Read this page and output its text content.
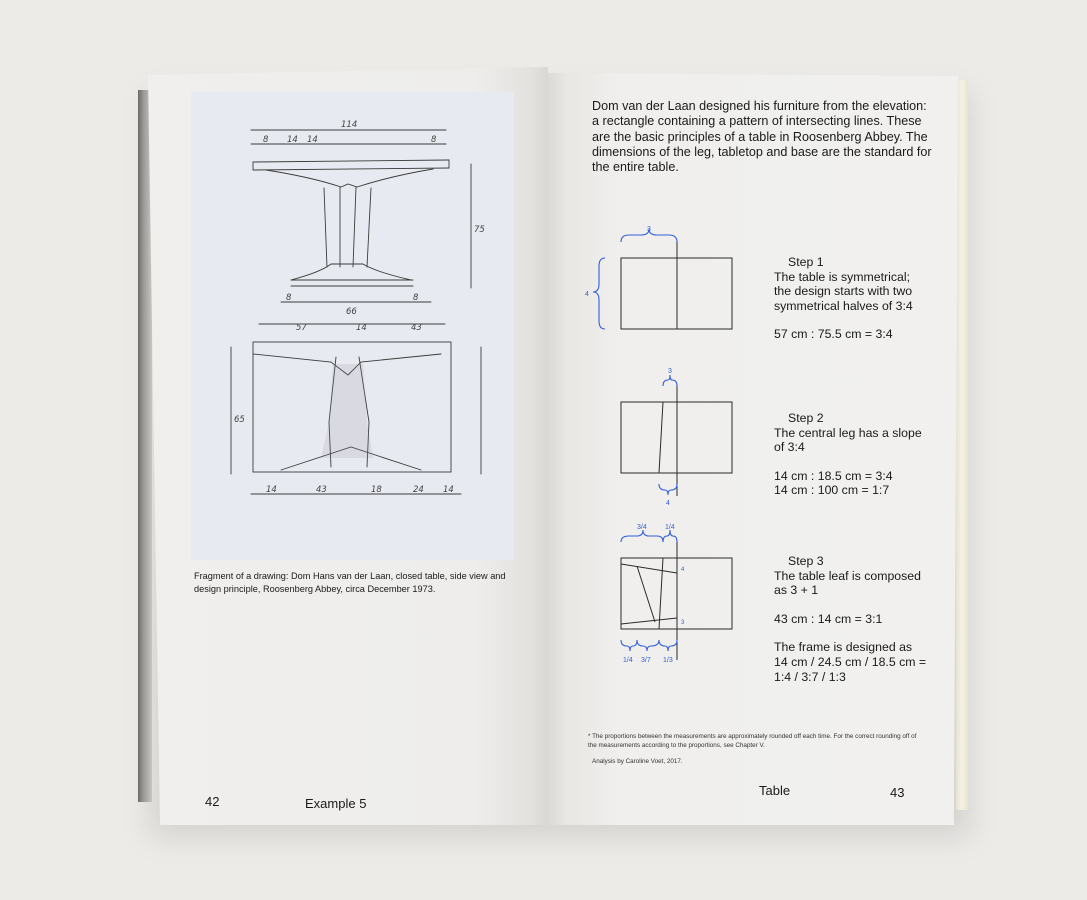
114
8 14 14	8
75
8	8
66
57	14	43
65
14	43	18	24 14
Fragment of a drawing: Dom Hans van der Laan, closed table, side view and design principle, Roosenberg Abbey, circa December 1973.
42	Example 5
Dom van der Laan designed his furniture from the elevation: a rectangle containing a pattern of intersecting lines. These are the basic principles of a table in Roosenberg Abbey. The dimensions of the leg, tabletop and base are the standard for the entire table.
3
4
3
4
3/4	1/4
4
3
1/4 3/7 1/3
Step 1
The table is symmetrical;
the design starts with two
symmetrical halves of 3:4
57 cm : 75.5 cm = 3:4
Step 2
The central leg has a slope
of 3:4
14 cm : 18.5 cm = 3:4
14 cm : 100 cm = 1:7
Step 3
The table leaf is composed
as 3 + 1
43 cm : 14 cm = 3:1
The frame is designed as
14 cm / 24.5 cm / 18.5 cm =
1:4 / 3:7 / 1:3
* The proportions between the measurements are approximately rounded off each time. For the correct rounding off of the measurements according to the proportions, see Chapter V.
Analysis by Caroline Voet, 2017.
Table	43
